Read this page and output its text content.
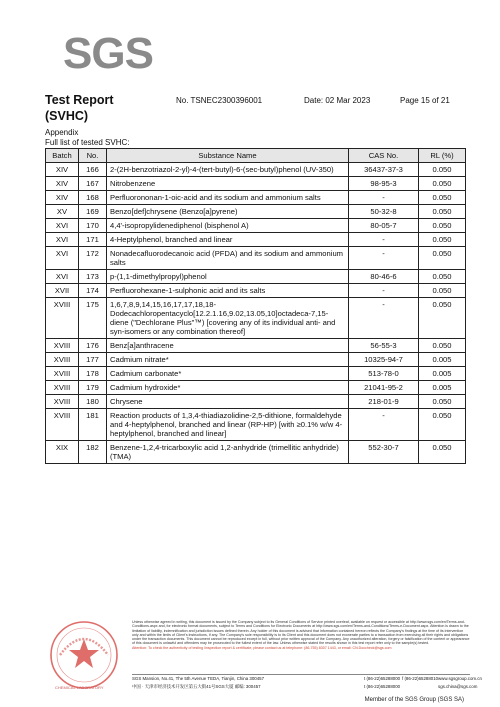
SGS
Test Report
(SVHC)
No. TSNEC2300396001	Date: 02 Mar 2023	Page 15 of 21
Appendix
Full list of tested SVHC:
Batch	No.	Substance Name	CAS No.	RL (%)
XIV	166	2-(2H-benzotriazol-2-yl)-4-(tert-butyl)-6-(sec-butyl)phenol (UV-350)	36437-37-3	0.050
XIV	167	Nitrobenzene	98-95-3	0.050
XIV	168	Perfluorononan-1-oic-acid and its sodium and ammonium salts	-	0.050
XV	169	Benzo[def]chrysene (Benzo[a]pyrene)	50-32-8	0.050
XVI	170	4,4'-isopropylidenediphenol (bisphenol A)	80-05-7	0.050
XVI	171	4-Heptylphenol, branched and linear	-	0.050
XVI	172	Nonadecafluorodecanoic acid (PFDA) and its sodium and ammonium salts	-	0.050
XVI	173	p-(1,1-dimethylpropyl)phenol	80-46-6	0.050
XVII	174	Perfluorohexane-1-sulphonic acid and its salts	-	0.050
XVIII	175	1,6,7,8,9,14,15,16,17,17,18,18-Dodecachloropentacyclo[12.2.1.16,9.02,13.05,10]octadeca-7,15-diene ("Dechlorane Plus"™) [covering any of its individual anti- and syn-isomers or any combination thereof]	-	0.050
XVIII	176	Benz[a]anthracene	56-55-3	0.050
XVIII	177	Cadmium nitrate*	10325-94-7	0.005
XVIII	178	Cadmium carbonate*	513-78-0	0.005
XVIII	179	Cadmium hydroxide*	21041-95-2	0.005
XVIII	180	Chrysene	218-01-9	0.050
XVIII	181	Reaction products of 1,3,4-thiadiazolidine-2,5-dithione, formaldehyde and 4-heptylphenol, branched and linear (RP-HP) [with ≥0.1% w/w 4-heptylphenol, branched and linear]	-	0.050
XIX	182	Benzene-1,2,4-tricarboxylic acid 1,2-anhydride (trimellitic anhydride) (TMA)	552-30-7	0.050
Unless otherwise agreed in writing, this document is issued by the Company subject to its General Conditions of Service printed overleaf, available on request or accessible at http://www.sgs.com/en/Terms-and-Conditions.aspx and, for electronic format documents, subject to Terms and Conditions for Electronic Documents at http://www.sgs.com/en/Terms-and-Conditions/Terms-e-Document.aspx. Attention is drawn to the limitation of liability, indemnification and jurisdiction issues defined therein. Any holder of this document is advised that information contained hereon reflects the Company's findings at the time of its intervention only and within the limits of Client's instructions, if any. The Company's sole responsibility is to its Client and this document does not exonerate parties to a transaction from exercising all their rights and obligations under the transaction documents. This document cannot be reproduced except in full, without prior written approval of the Company. Any unauthorized alteration, forgery or falsification of the content or appearance of this document is unlawful and offenders may be prosecuted to the fullest extent of the law. Unless otherwise stated the results shown in this test report refer only to the sample(s) tested.
Attention: To check the authenticity of testing /inspection report & certificate, please contact us at telephone: (86-755) 8307 1443, or email: CN.Doccheck@sgs.com
SGS Mansion, No.41, The 5th Avenue TEDA, Tianjin, China 300457	t (86-22)65288000 f (86-22)65288010 www.sgsgroup.com.cn
中国 · 天津市经济技术开发区第五大街41号SGS大厦 邮编: 300457	t (86-22)65288000	sgs.china@sgs.com
CHEMICAL LABORATORY
Member of the SGS Group (SGS SA)
